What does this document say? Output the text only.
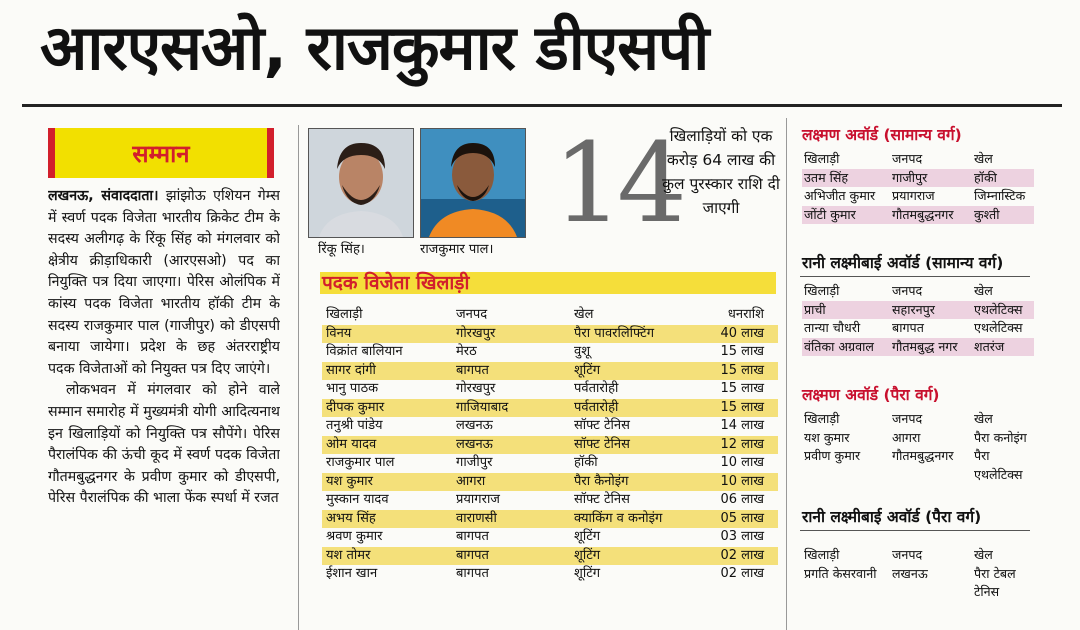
आरएसओ, राजकुमार डीएसपी
सम्मान

लखनऊ, संवाददाता। झांझोऊ एशियन गेम्स में स्वर्ण पदक विजेता भारतीय क्रिकेट टीम के सदस्य अलीगढ़ के रिंकू सिंह को मंगलवार को क्षेत्रीय क्रीड़ाधिकारी (आरएसओ) पद का नियुक्ति पत्र दिया जाएगा। पेरिस ओलंपिक में कांस्य पदक विजेता भारतीय हॉकी टीम के सदस्य राजकुमार पाल (गाजीपुर) को डीएसपी बनाया जायेगा। प्रदेश के छह अंतरराष्ट्रीय पदक विजेताओं को नियुक्त पत्र दिए जाएंगे।

लोकभवन में मंगलवार को होने वाले सम्मान समारोह में मुख्यमंत्री योगी आदित्यनाथ इन खिलाड़ियों को नियुक्ति पत्र सौपेंगे। पेरिस पैरालंपिक की ऊंची कूद में स्वर्ण पदक विजेता गौतमबुद्धनगर के प्रवीण कुमार को डीएसपी, पेरिस पैरालंपिक की भाला फेंक स्पर्धा में रजत

रिंकू सिंह।	राजकुमार पाल।
14
खिलाड़ियों को एक करोड़ 64 लाख की कुल पुरस्कार राशि दी जाएगी
पदक विजेता खिलाड़ी
खिलाड़ी	जनपद	खेल	धनराशि
विनय	गोरखपुर	पैरा पावरलिफ्टिंग	40 लाख
विक्रांत बालियान	मेरठ	वुशू	15 लाख
सागर दांगी	बागपत	शूटिंग	15 लाख
भानु पाठक	गोरखपुर	पर्वतारोही	15 लाख
दीपक कुमार	गाजियाबाद	पर्वतारोही	15 लाख
तनुश्री पांडेय	लखनऊ	सॉफ्ट टेनिस	14 लाख
ओम यादव	लखनऊ	सॉफ्ट टेनिस	12 लाख
राजकुमार पाल	गाजीपुर	हॉकी	10 लाख
यश कुमार	आगरा	पैरा कैनोइंग	10 लाख
मुस्कान यादव	प्रयागराज	सॉफ्ट टेनिस	06 लाख
अभय सिंह	वाराणसी	क्याकिंग व कनोइंग	05 लाख
श्रवण कुमार	बागपत	शूटिंग	03 लाख
यश तोमर	बागपत	शूटिंग	02 लाख
ईशान खान	बागपत	शूटिंग	02 लाख
लक्ष्मण अवॉर्ड (सामान्य वर्ग)
खिलाड़ी	जनपद	खेल
उतम सिंह	गाजीपुर	हॉकी
अभिजीत कुमार	प्रयागराज	जिम्नास्टिक
जोंटी कुमार	गौतमबुद्धनगर	कुश्ती
रानी लक्ष्मीबाई अवॉर्ड (सामान्य वर्ग)
खिलाड़ी	जनपद	खेल
प्राची	सहारनपुर	एथलेटिक्स
तान्या चौधरी	बागपत	एथलेटिक्स
वंतिका अग्रवाल	गौतमबुद्ध नगर	शतरंज
लक्ष्मण अवॉर्ड (पैरा वर्ग)
खिलाड़ी	जनपद	खेल
यश कुमार	आगरा	पैरा कनोइंग
प्रवीण कुमार	गौतमबुद्धनगर	पैरा
		एथलेटिक्स
रानी लक्ष्मीबाई अवॉर्ड (पैरा वर्ग)
खिलाड़ी	जनपद	खेल
प्रगति केसरवानी	लखनऊ	पैरा टेबल
		टेनिस
